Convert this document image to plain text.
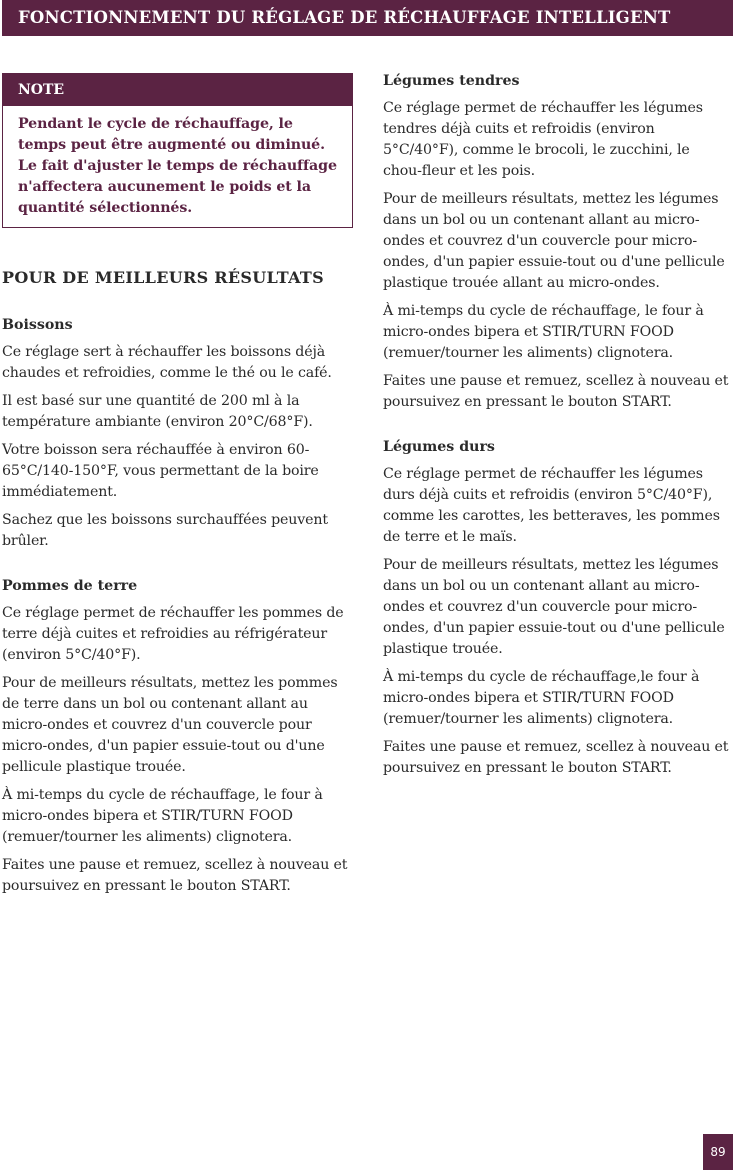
FONCTIONNEMENT DU RÉGLAGE DE RÉCHAUFFAGE INTELLIGENT
NOTE
Pendant le cycle de réchauffage, le temps peut être augmenté ou diminué. Le fait d'ajuster le temps de réchauffage n'affectera aucunement le poids et la quantité sélectionnés.
POUR DE MEILLEURS RÉSULTATS
Boissons

Ce réglage sert à réchauffer les boissons déjà chaudes et refroidies, comme le thé ou le café.

Il est basé sur une quantité de 200 ml à la température ambiante (environ 20°C/68°F).

Votre boisson sera réchauffée à environ 60-65°C/140-150°F, vous permettant de la boire immédiatement.

Sachez que les boissons surchauffées peuvent brûler.

Pommes de terre

Ce réglage permet de réchauffer les pommes de terre déjà cuites et refroidies au réfrigérateur (environ 5°C/40°F).

Pour de meilleurs résultats, mettez les pommes de terre dans un bol ou contenant allant au micro-ondes et couvrez d'un couvercle pour micro-ondes, d'un papier essuie-tout ou d'une pellicule plastique trouée.

À mi-temps du cycle de réchauffage, le four à micro-ondes bipera et STIR/TURN FOOD (remuer/tourner les aliments) clignotera.

Faites une pause et remuez, scellez à nouveau et poursuivez en pressant le bouton START.

Légumes tendres

Ce réglage permet de réchauffer les légumes tendres déjà cuits et refroidis (environ 5°C/40°F), comme le brocoli, le zucchini, le chou-fleur et les pois.

Pour de meilleurs résultats, mettez les légumes dans un bol ou un contenant allant au micro-ondes et couvrez d'un couvercle pour micro-ondes, d'un papier essuie-tout ou d'une pellicule plastique trouée allant au micro-ondes.

À mi-temps du cycle de réchauffage, le four à micro-ondes bipera et STIR/TURN FOOD (remuer/tourner les aliments) clignotera.

Faites une pause et remuez, scellez à nouveau et poursuivez en pressant le bouton START.

Légumes durs

Ce réglage permet de réchauffer les légumes durs déjà cuits et refroidis (environ 5°C/40°F), comme les carottes, les betteraves, les pommes de terre et le maïs.

Pour de meilleurs résultats, mettez les légumes dans un bol ou un contenant allant au micro-ondes et couvrez d'un couvercle pour micro-ondes, d'un papier essuie-tout ou d'une pellicule plastique trouée.

À mi-temps du cycle de réchauffage,le four à micro-ondes bipera et STIR/TURN FOOD (remuer/tourner les aliments) clignotera.

Faites une pause et remuez, scellez à nouveau et poursuivez en pressant le bouton START.

89
